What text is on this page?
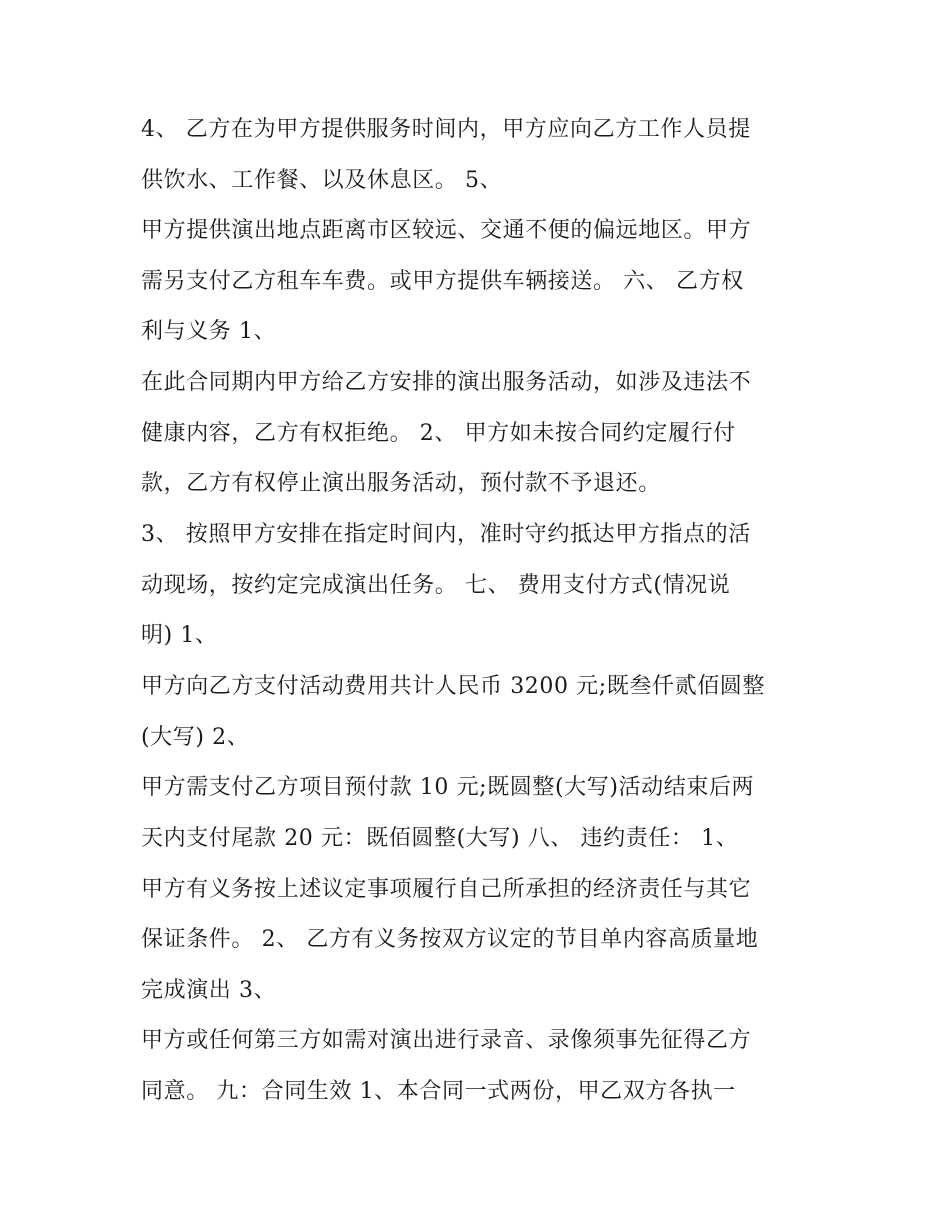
4、 乙方在为甲方提供服务时间内，甲方应向乙方工作人员提
供饮水、工作餐、以及休息区。 5、
甲方提供演出地点距离市区较远、交通不便的偏远地区。甲方
需另支付乙方租车车费。或甲方提供车辆接送。 六、 乙方权
利与义务 1、
在此合同期内甲方给乙方安排的演出服务活动，如涉及违法不
健康内容，乙方有权拒绝。 2、 甲方如未按合同约定履行付
款，乙方有权停止演出服务活动，预付款不予退还。
3、 按照甲方安排在指定时间内，准时守约抵达甲方指点的活
动现场，按约定完成演出任务。 七、 费用支付方式(情况说
明) 1、
甲方向乙方支付活动费用共计人民币 3200 元;既叁仟贰佰圆整
(大写) 2、
甲方需支付乙方项目预付款 10 元;既圆整(大写)活动结束后两
天内支付尾款 20 元：既佰圆整(大写) 八、 违约责任： 1、
甲方有义务按上述议定事项履行自己所承担的经济责任与其它
保证条件。 2、 乙方有义务按双方议定的节目单内容高质量地
完成演出 3、
甲方或任何第三方如需对演出进行录音、录像须事先征得乙方
同意。 九：合同生效 1、本合同一式两份，甲乙双方各执一
